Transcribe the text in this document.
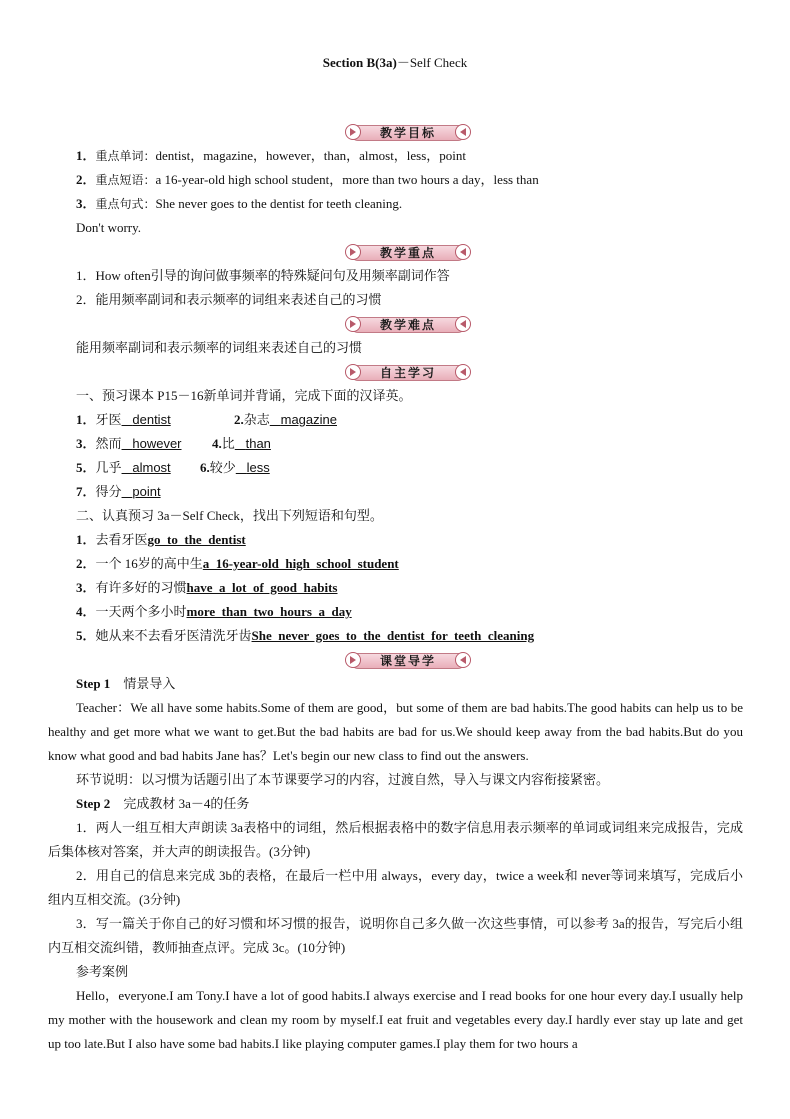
Section B(3a)－Self Check
教学目标
1．重点单词：dentist，magazine，however，than，almost，less，point
2．重点短语：a 16-year-old high school student，more than two hours a day，less than
3．重点句式：She never goes to the dentist for teeth cleaning.
Don't worry.
教学重点
1．How often引导的询问做事频率的特殊疑问句及用频率副词作答
2．能用频率副词和表示频率的词组来表述自己的习惯
教学难点
能用频率副词和表示频率的词组来表述自己的习惯
自主学习
一、预习课本 P15－16新单词并背诵，完成下面的汉译英。
1．牙医 dentist	2.杂志 magazine
3．然而 however	4.比 than
5．几乎 almost	6.较少 less
7．得分 point
二、认真预习 3a－Self Check，找出下列短语和句型。
1．去看牙医go  to  the  dentist
2．一个 16岁的高中生a  16-year-old  high  school  student
3．有许多好的习惯have  a  lot  of  good  habits
4．一天两个多小时more  than  two  hours  a  day
5．她从来不去看牙医清洗牙齿She  never  goes  to  the  dentist  for  teeth  cleaning
课堂导学
Step 1 情景导入
Teacher：We all have some habits.Some of them are good，but some of them are bad habits.The good habits can help us to be healthy and get more what we want to get.But the bad habits are bad for us.We should keep away from the bad habits.But do you know what good and bad habits Jane has？Let's begin our new class to find out the answers.
环节说明：以习惯为话题引出了本节课要学习的内容，过渡自然，导入与课文内容衔接紧密。
Step 2 完成教材 3a－4的任务
1．两人一组互相大声朗读 3a表格中的词组，然后根据表格中的数字信息用表示频率的单词或词组来完成报告，完成后集体核对答案，并大声的朗读报告。(3分钟)
2．用自己的信息来完成 3b的表格，在最后一栏中用 always，every day，twice a week和 never等词来填写，完成后小组内互相交流。(3分钟)
3．写一篇关于你自己的好习惯和坏习惯的报告，说明你自己多久做一次这些事情，可以参考 3a的报告，写完后小组内互相交流纠错，教师抽查点评。完成 3c。(10分钟)
参考案例
Hello，everyone.I am Tony.I have a lot of good habits.I always exercise and I read books for one hour every day.I usually help my mother with the housework and clean my room by myself.I eat fruit and vegetables every day.I hardly ever stay up late and get up too late.But I also have some bad habits.I like playing computer games.I play them for two hours a
